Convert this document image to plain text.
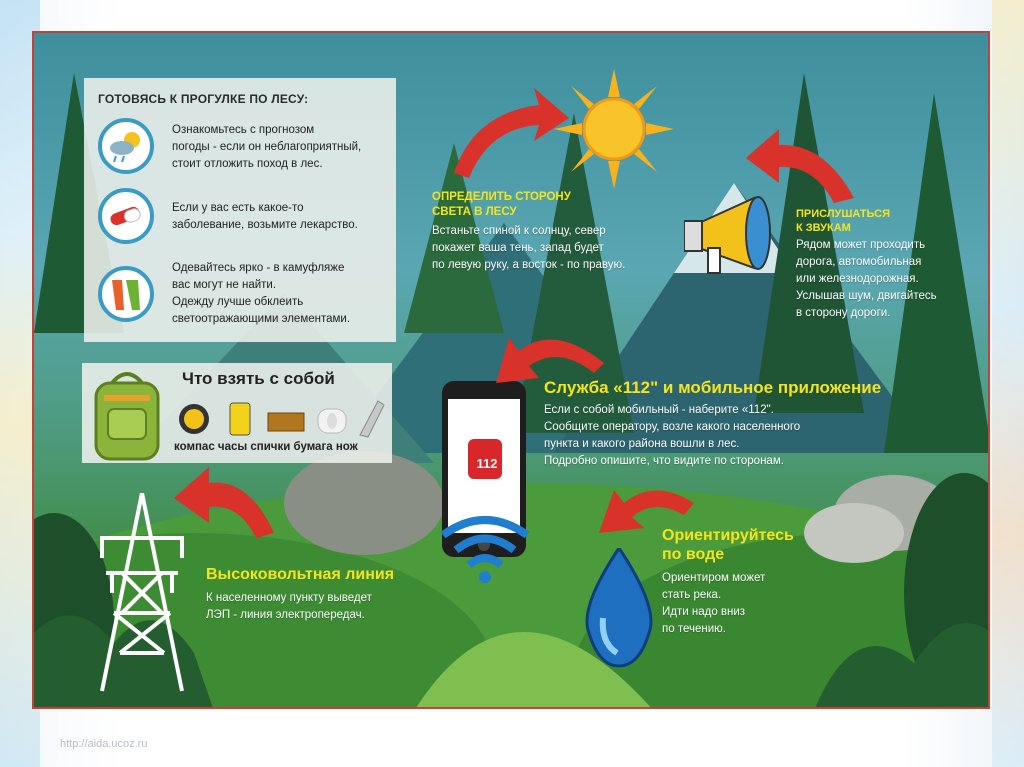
112
ГОТОВЯСЬ К ПРОГУЛКЕ ПО ЛЕСУ:
Ознакомьтесь с прогнозом
погоды - если он неблагоприятный,
стоит отложить поход в лес.
Если у вас есть какое-то
заболевание, возьмите лекарство.
Одевайтесь ярко - в камуфляже
вас могут не найти.
Одежду лучше обклеить
светоотражающими элементами.
Что взять с собой
компас часы спички бумага нож
ОПРЕДЕЛИТЬ СТОРОНУ
СВЕТА В ЛЕСУ
Встаньте спиной к солнцу, север
покажет ваша тень, запад будет
по левую руку, а восток - по правую.
ПРИСЛУШАТЬСЯ
К ЗВУКАМ
Рядом может проходить
дорога, автомобильная
или железнодорожная.
Услышав шум, двигайтесь
в сторону дороги.
Служба «112" и мобильное приложение
Если с собой мобильный - наберите «112".
Сообщите оператору, возле какого населенного
пункта и какого района вошли в лес.
Подробно опишите, что видите по сторонам.
Ориентируйтесь
по воде
Ориентиром может
стать река.
Идти надо вниз
по течению.
Высоковольтная линия
К населенному пункту выведет
ЛЭП - линия электропередач.
http://aida.ucoz.ru
